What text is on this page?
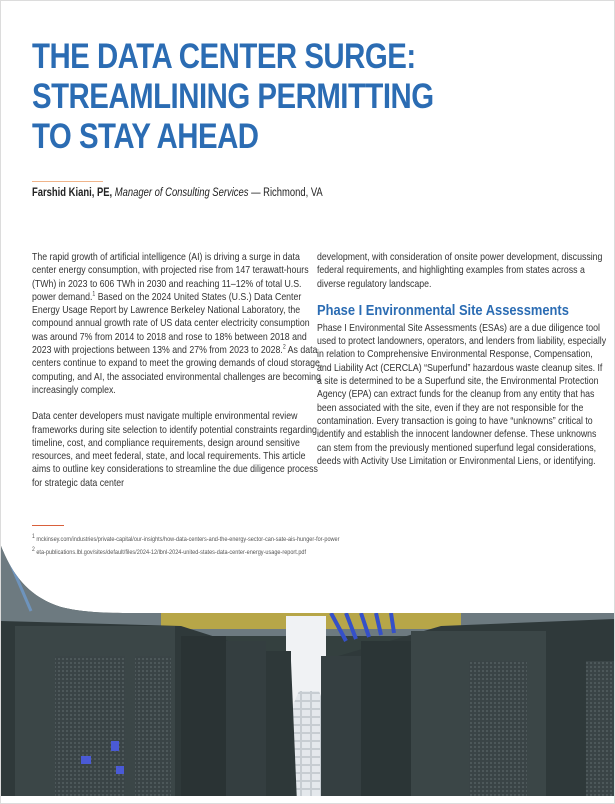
THE DATA CENTER SURGE:
STREAMLINING PERMITTING
TO STAY AHEAD
Farshid Kiani, PE, Manager of Consulting Services — Richmond, VA

The rapid growth of artificial intelligence (AI) is driving a surge in data center energy consumption, with projected rise from 147 terawatt-hours (TWh) in 2023 to 606 TWh in 2030 and reaching 11–12% of total U.S. power demand.$^1$ Based on the 2024 United States (U.S.) Data Center Energy Usage Report by Lawrence Berkeley National Laboratory, the compound annual growth rate of US data center electricity consumption was around 7% from 2014 to 2018 and rose to 18% between 2018 and 2023 with projections between 13% and 27% from 2023 to 2028.$^2$ As data centers continue to expand to meet the growing demands of cloud storage, computing, and AI, the associated environmental challenges are becoming increasingly complex.

Data center developers must navigate multiple environmental review frameworks during site selection to identify potential constraints regarding timeline, cost, and compliance requirements, design around sensitive resources, and meet federal, state, and local requirements. This article aims to outline key considerations to streamline the due diligence process for strategic data center

development, with consideration of onsite power development, discussing federal requirements, and highlighting examples from states across a diverse regulatory landscape.

Phase I Environmental Site Assessments

Phase I Environmental Site Assessments (ESAs) are a due diligence tool used to protect landowners, operators, and lenders from liability, especially in relation to Comprehensive Environmental Response, Compensation, and Liability Act (CERCLA) “Superfund” hazardous waste cleanup sites. If a site is determined to be a Superfund site, the Environmental Protection Agency (EPA) can extract funds for the cleanup from any entity that has been associated with the site, even if they are not responsible for the contamination. Every transaction is going to have “unknowns” critical to identify and establish the innocent landowner defense. These unknowns can stem from the previously mentioned superfund legal considerations, deeds with Activity Use Limitation or Environmental Liens, or identifying.

$^1$ mckinsey.com/industries/private-capital/our-insights/how-data-centers-and-the-energy-sector-can-sate-ais-hunger-for-power
$^2$ eta-publications.lbl.gov/sites/default/files/2024-12/lbnl-2024-united-states-data-center-energy-usage-report.pdf
